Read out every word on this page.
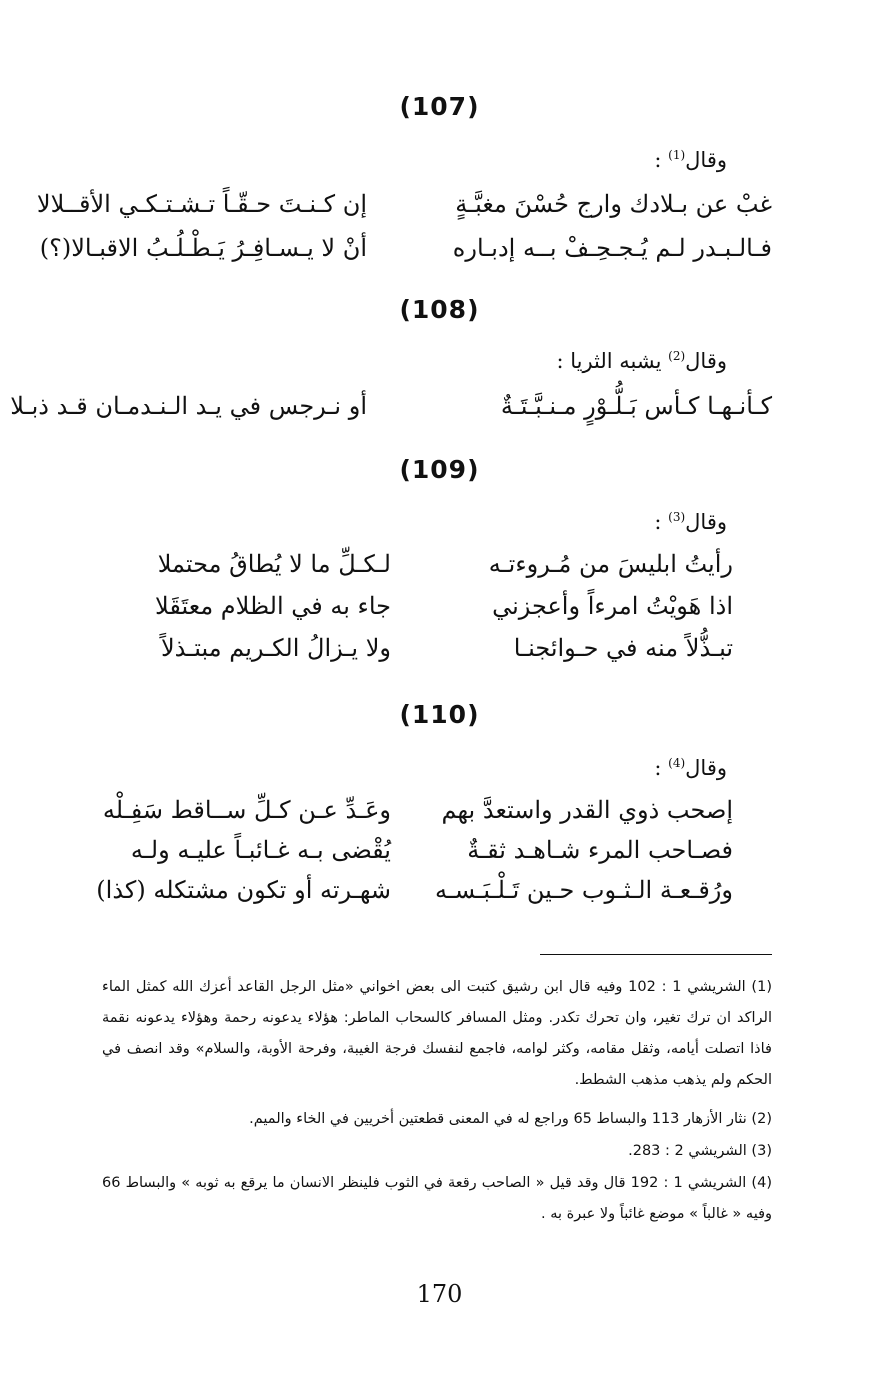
(107)
وقال$^{(1)}$ :
غبْ عن بـلادك وارج حُسْنَ مغبَّـةٍ
إن كـنـتَ حـقّـاً تـشـتـكـي الأقــلالا
فـالـبـدر لـم يُـجـحِـفْ بــه إدبـاره
أنْ لا يـسـافِـرُ يَـطْـلُـبُ الاقبـالا(؟)
(108)
وقال$^{(2)}$ يشبه الثريا :
كـأنـهـا كـأس بَـلُّـوْرٍ مـنـبَّـتَـةٌ
أو نـرجس في يـد الـنـدمـان قـد ذبـلا
(109)
وقال$^{(3)}$ :
رأيتُ ابليسَ من مُـروءتـه
لـكـلِّ ما لا يُطاقُ محتملا
اذا هَويْتُ امرءاً وأعجزني
جاء به في الظلام معتَقَلا
تبـذُّلاً منه في حـوائجنـا
ولا يـزالُ الكـريم مبتـذلاً
(110)
وقال$^{(4)}$ :
إصحب ذوي القدر واستعدَّ بهم
وعَـدِّ عـن كـلِّ ســاقط سَفِـلْه
فصـاحب المرء شـاهـد ثقـةٌ
يُقْضى بـه غـائبـاً عليـه ولـه
ورُقـعـة الـثـوب حـين تَـلْـبَـسـه
شهـرته أو تكون مشتكله (كذا)
(1) الشريشي 1 : 102 وفيه قال ابن رشيق كتبت الى بعض اخواني «مثل الرجل القاعد أعزك الله كمثل الماء الراكد ان ترك تغير، وان تحرك تكدر. ومثل المسافر كالسحاب الماطر: هؤلاء يدعونه رحمة وهؤلاء يدعونه نقمة فاذا اتصلت أيامه، وثقل مقامه، وكثر لوامه، فاجمع لنفسك فرجة الغيبة، وفرحة الأوبة، والسلام» وقد انصف في الحكم ولم يذهب مذهب الشطط.
(2) نثار الأزهار 113 والبساط 65 وراجع له في المعنى قطعتين أخريين في الخاء والميم.
(3) الشريشي 2 : 283.
(4) الشريشي 1 : 192 قال وقد قيل « الصاحب رقعة في الثوب فلينظر الانسان ما يرقع به ثوبه » والبساط 66 وفيه « غالباً » موضع غائباً ولا عبرة به .
170
